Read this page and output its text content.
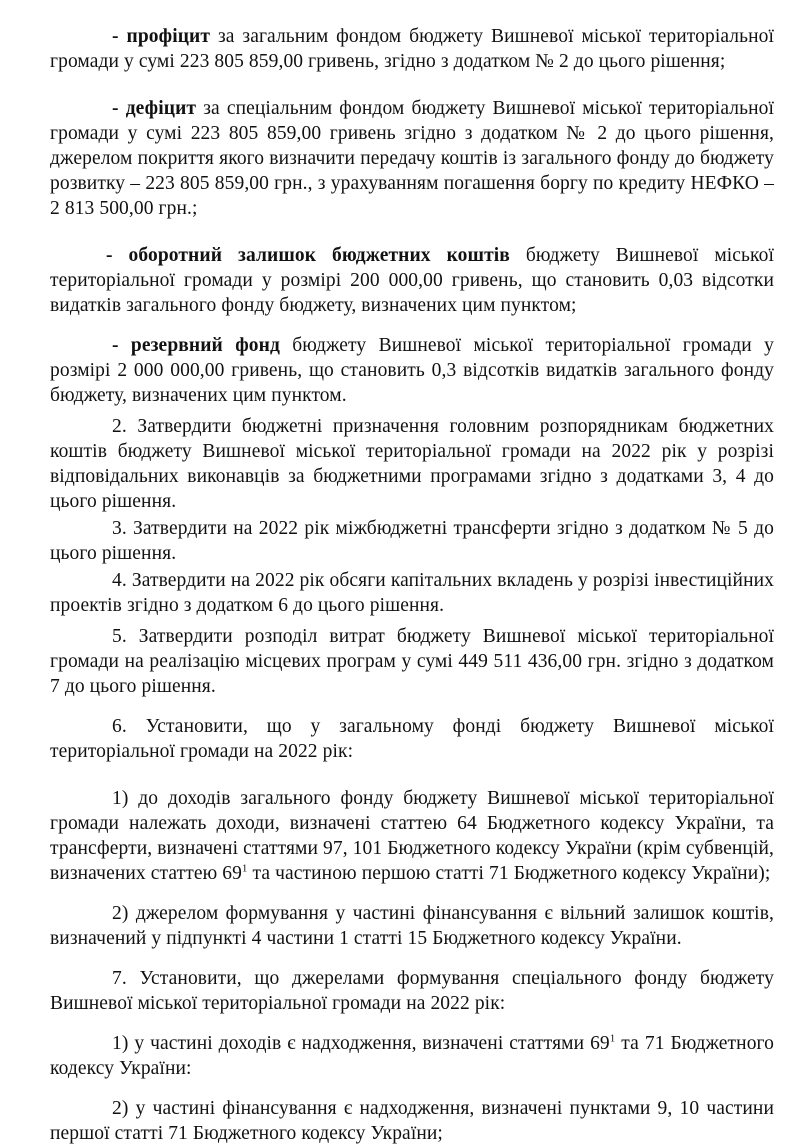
- профіцит за загальним фондом бюджету Вишневої міської територіальної громади у сумі 223 805 859,00 гривень, згідно з додатком № 2 до цього рішення;

- дефіцит за спеціальним фондом бюджету Вишневої міської територіальної громади у сумі 223 805 859,00 гривень згідно з додатком № 2 до цього рішення, джерелом покриття якого визначити передачу коштів із загального фонду до бюджету розвитку – 223 805 859,00 грн., з урахуванням погашення боргу по кредиту НЕФКО – 2 813 500,00 грн.;

- оборотний залишок бюджетних коштів бюджету Вишневої міської територіальної громади у розмірі 200 000,00 гривень, що становить 0,03 відсотки видатків загального фонду бюджету, визначених цим пунктом;

- резервний фонд бюджету Вишневої міської територіальної громади у розмірі 2 000 000,00 гривень, що становить 0,3 відсотків видатків загального фонду бюджету, визначених цим пунктом.

2. Затвердити бюджетні призначення головним розпорядникам бюджетних коштів бюджету Вишневої міської територіальної громади на 2022 рік у розрізі відповідальних виконавців за бюджетними програмами згідно з додатками 3, 4 до цього рішення.

3. Затвердити на 2022 рік міжбюджетні трансферти згідно з додатком № 5 до цього рішення.

4. Затвердити на 2022 рік обсяги капітальних вкладень у розрізі інвестиційних проектів згідно з додатком 6 до цього рішення.

5. Затвердити розподіл витрат бюджету Вишневої міської територіальної громади на реалізацію місцевих програм у сумі 449 511 436,00 грн. згідно з додатком 7 до цього рішення.

6. Установити, що у загальному фонді бюджету Вишневої міської територіальної громади на 2022 рік:

1) до доходів загального фонду бюджету Вишневої міської територіальної громади належать доходи, визначені статтею 64 Бюджетного кодексу України, та трансферти, визначені статтями 97, 101 Бюджетного кодексу України (крім субвенцій, визначених статтею $69^1$ та частиною першою статті 71 Бюджетного кодексу України);

2) джерелом формування у частині фінансування є вільний залишок коштів, визначений у підпункті 4 частини 1 статті 15 Бюджетного кодексу України.

7. Установити, що джерелами формування спеціального фонду бюджету Вишневої міської територіальної громади на 2022 рік:

1) у частині доходів є надходження, визначені статтями $69^1$ та 71 Бюджетного кодексу України:

2) у частині фінансування є надходження, визначені пунктами 9, 10 частини першої статті 71 Бюджетного кодексу України;
